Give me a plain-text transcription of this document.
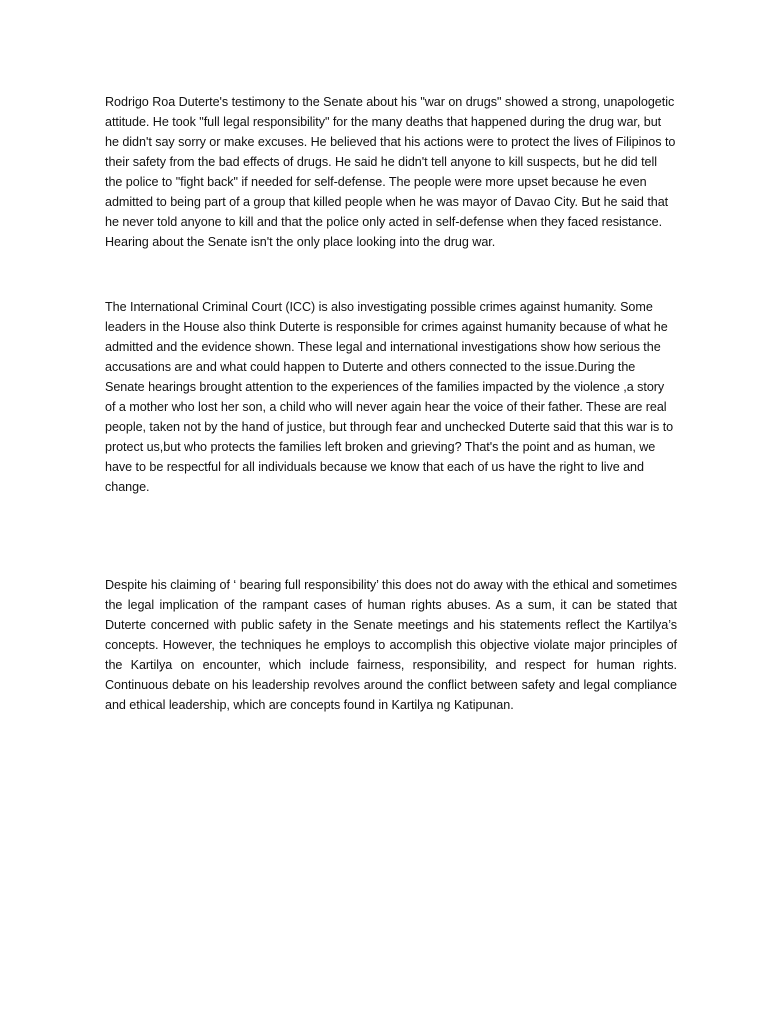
Rodrigo Roa Duterte's testimony to the Senate about his "war on drugs" showed a strong, unapologetic attitude. He took "full legal responsibility" for the many deaths that happened during the drug war, but he didn't say sorry or make excuses. He believed that his actions were to protect the lives of Filipinos to their safety from the bad effects of drugs. He said he didn't tell anyone to kill suspects, but he did tell the police to "fight back" if needed for self-defense. The people were more upset because he even admitted to being part of a group that killed people when he was mayor of Davao City. But he said that he never told anyone to kill and that the police only acted in self-defense when they faced resistance. Hearing about the Senate isn't the only place looking into the drug war.

The International Criminal Court (ICC) is also investigating possible crimes against humanity. Some leaders in the House also think Duterte is responsible for crimes against humanity because of what he admitted and the evidence shown. These legal and international investigations show how serious the accusations are and what could happen to Duterte and others connected to the issue.During the Senate hearings brought attention to the experiences of the families impacted by the violence ,a story of a mother who lost her son, a child who will never again hear the voice of their father. These are real people, taken not by the hand of justice, but through fear and unchecked Duterte said that this war is to protect us,but who protects the families left broken and grieving? That's the point and as human, we have to be respectful for all individuals because we know that each of us have the right to live and change.

Despite his claiming of ‘ bearing full responsibility’ this does not do away with the ethical and sometimes the legal implication of the rampant cases of human rights abuses. As a sum, it can be stated that Duterte concerned with public safety in the Senate meetings and his statements reflect the Kartilya’s concepts. However, the techniques he employs to accomplish this objective violate major principles of the Kartilya on encounter, which include fairness, responsibility, and respect for human rights. Continuous debate on his leadership revolves around the conflict between safety and legal compliance and ethical leadership, which are concepts found in Kartilya ng Katipunan.
